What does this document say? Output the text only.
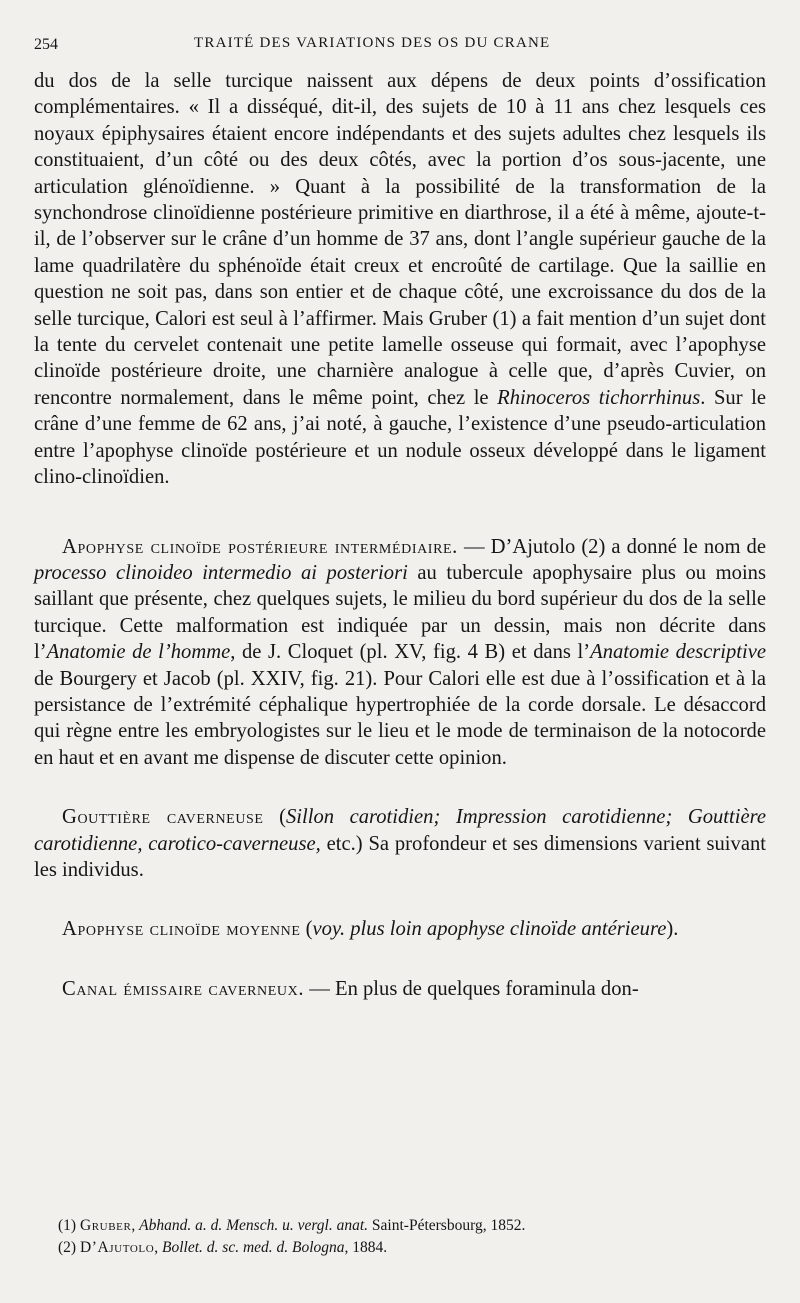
254	TRAITÉ DES VARIATIONS DES OS DU CRANE

du dos de la selle turcique naissent aux dépens de deux points d’ossification complémentaires. « Il a disséqué, dit-il, des sujets de 10 à 11 ans chez lesquels ces noyaux épiphysaires étaient encore indépendants et des sujets adultes chez lesquels ils constituaient, d’un côté ou des deux côtés, avec la portion d’os sous-jacente, une articulation glénoïdienne. » Quant à la possibilité de la transformation de la synchondrose clinoïdienne postérieure primitive en diarthrose, il a été à même, ajoute-t-il, de l’observer sur le crâne d’un homme de 37 ans, dont l’angle supérieur gauche de la lame quadrilatère du sphénoïde était creux et encroûté de cartilage. Que la saillie en question ne soit pas, dans son entier et de chaque côté, une excroissance du dos de la selle turcique, Calori est seul à l’affirmer. Mais Gruber (1) a fait mention d’un sujet dont la tente du cervelet contenait une petite lamelle osseuse qui formait, avec l’apophyse clinoïde postérieure droite, une charnière analogue à celle que, d’après Cuvier, on rencontre normalement, dans le même point, chez le Rhinoceros tichorrhinus. Sur le crâne d’une femme de 62 ans, j’ai noté, à gauche, l’existence d’une pseudo-articulation entre l’apophyse clinoïde postérieure et un nodule osseux développé dans le ligament clino-clinoïdien.

Apophyse clinoïde postérieure intermédiaire. — D’Ajutolo (2) a donné le nom de processo clinoideo intermedio ai posteriori au tubercule apophysaire plus ou moins saillant que présente, chez quelques sujets, le milieu du bord supérieur du dos de la selle turcique. Cette malformation est indiquée par un dessin, mais non décrite dans l’Anatomie de l’homme, de J. Cloquet (pl. XV, fig. 4 B) et dans l’Anatomie descriptive de Bourgery et Jacob (pl. XXIV, fig. 21). Pour Calori elle est due à l’ossification et à la persistance de l’extrémité céphalique hypertrophiée de la corde dorsale. Le désaccord qui règne entre les embryologistes sur le lieu et le mode de terminaison de la notocorde en haut et en avant me dispense de discuter cette opinion.

Gouttière caverneuse (Sillon carotidien; Impression carotidienne; Gouttière carotidienne, carotico-caverneuse, etc.) Sa profondeur et ses dimensions varient suivant les individus.

Apophyse clinoïde moyenne (voy. plus loin apophyse clinoïde antérieure).

Canal émissaire caverneux. — En plus de quelques foraminula don-

(1) Gruber, Abhand. a. d. Mensch. u. vergl. anat. Saint-Pétersbourg, 1852.

(2) D’Ajutolo, Bollet. d. sc. med. d. Bologna, 1884.
